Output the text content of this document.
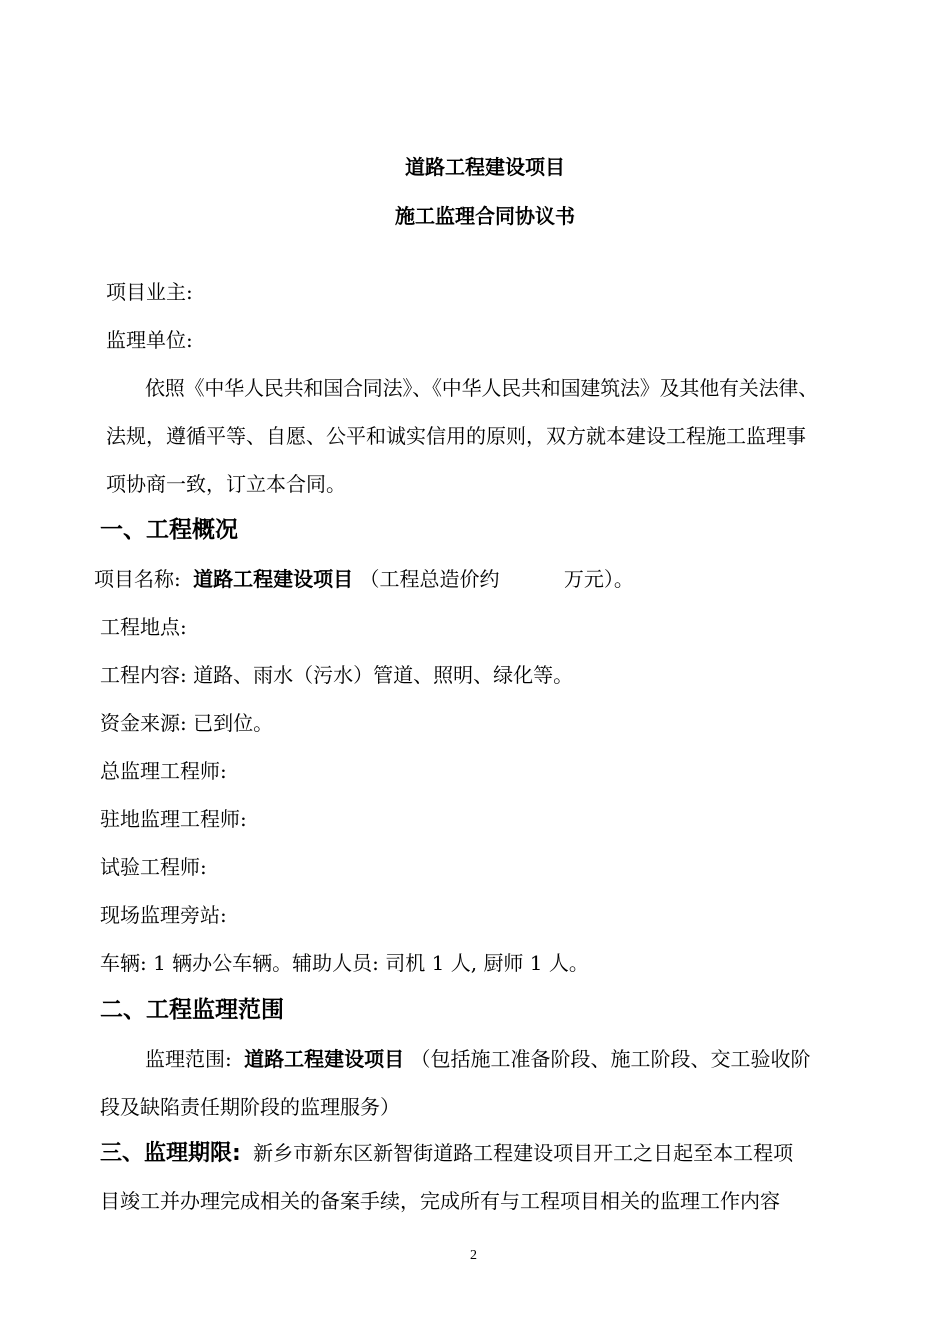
道路工程建设项目
施工监理合同协议书
项目业主:
监理单位:
依照《中华人民共和国合同法》、《中华人民共和国建筑法》及其他有关法律、
法规，遵循平等、自愿、公平和诚实信用的原则，双方就本建设工程施工监理事
项协商一致，订立本合同。
一、工程概况
项目名称: 道路工程建设项目 （工程总造价约	万元）。
工程地点:
工程内容: 道路、雨水（污水）管道、照明、绿化等。
资金来源: 已到位。
总监理工程师:
驻地监理工程师:
试验工程师:
现场监理旁站:
车辆: 1 辆办公车辆。辅助人员: 司机 1 人, 厨师 1 人。
二、工程监理范围
监理范围: 道路工程建设项目 （包括施工准备阶段、施工阶段、交工验收阶
段及缺陷责任期阶段的监理服务）
三、监理期限: 新乡市新东区新智街道路工程建设项目开工之日起至本工程项
目竣工并办理完成相关的备案手续，完成所有与工程项目相关的监理工作内容
2
